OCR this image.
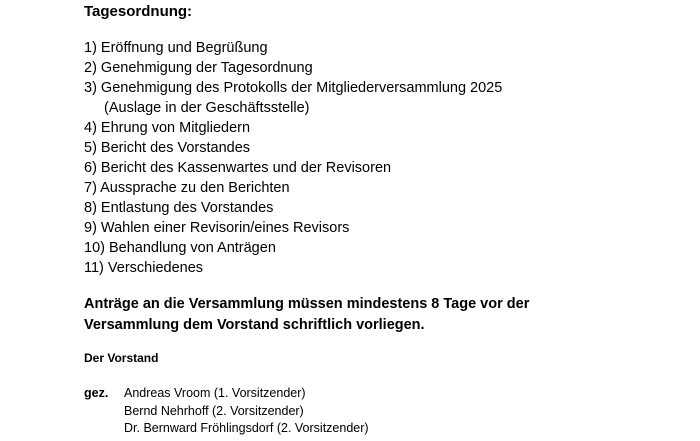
Tagesordnung:
1) Eröffnung und Begrüßung
2) Genehmigung der Tagesordnung
3) Genehmigung des Protokolls der Mitgliederversammlung 2025
(Auslage in der Geschäftsstelle)
4) Ehrung von Mitgliedern
5) Bericht des Vorstandes
6) Bericht des Kassenwartes und der Revisoren
7) Aussprache zu den Berichten
8) Entlastung des Vorstandes
9) Wahlen einer Revisorin/eines Revisors
10) Behandlung von Anträgen
11) Verschiedenes
Anträge an die Versammlung müssen mindestens 8 Tage vor der
Versammlung dem Vorstand schriftlich vorliegen.
Der Vorstand
gez. Andreas Vroom (1. Vorsitzender)
Bernd Nehrhoff (2. Vorsitzender)
Dr. Bernward Fröhlingsdorf (2. Vorsitzender)
